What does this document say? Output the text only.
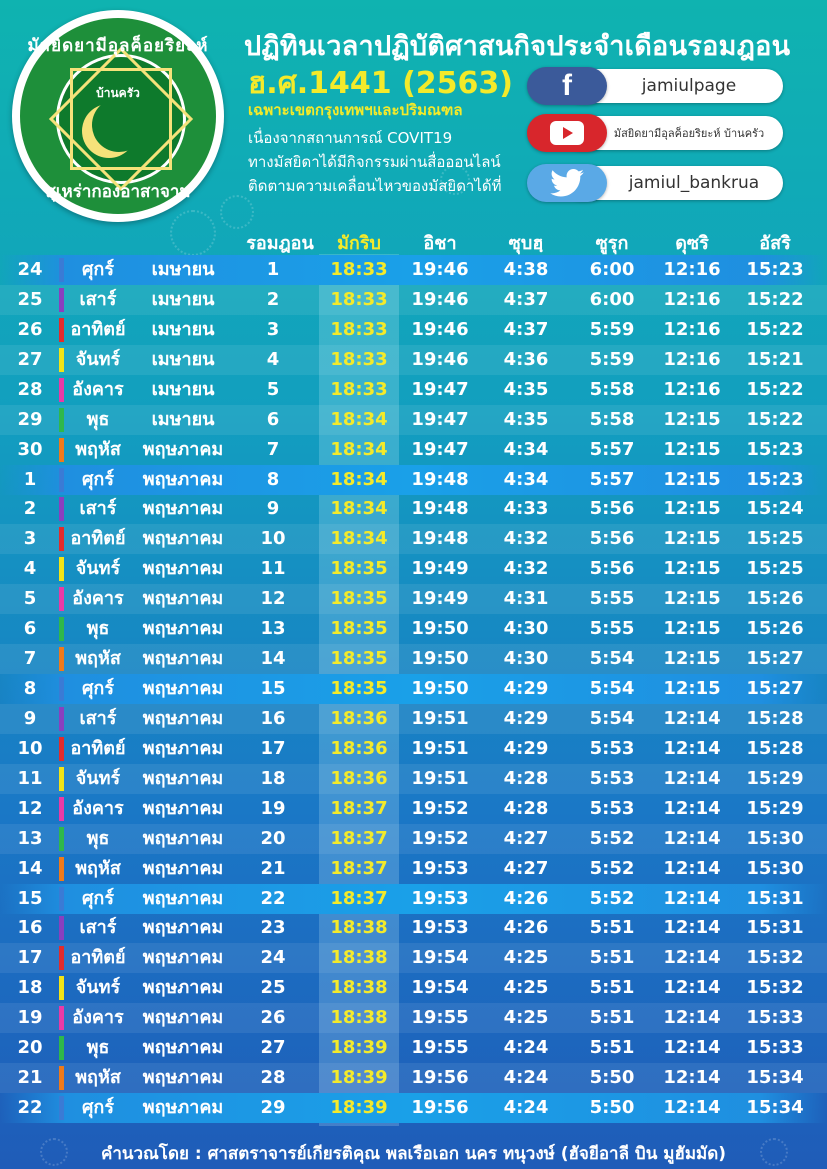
มัสยิดยามีอุลค็อยริยะห์
บ้านครัว
สุเหร่ากองอาสาจาม
ปฏิทินเวลาปฏิบัติศาสนกิจประจำเดือนรอมฎอน
ฮ.ศ.1441 (2563)
เฉพาะเขตกรุงเทพฯและปริมณฑล
เนื่องจากสถานการณ์ COVIT19
ทางมัสยิดาได้มีกิจกรรมผ่านสื่อออนไลน์
ติดตามความเคลื่อนไหวของมัสยิดาได้ที่
f	jamiulpage
มัสยิดยามีอุลค็อยริยะห์ บ้านครัว
jamiul_bankrua
รอมฎอน	มักริบ	อิชา	ซุบฮฺ	ซูรุก	ดุซริ	อัสริ
24	ศุกร์	เมษายน	1	18:33	19:46	4:38	6:00	12:16	15:23
25	เสาร์	เมษายน	2	18:33	19:46	4:37	6:00	12:16	15:22
26	อาทิตย์	เมษายน	3	18:33	19:46	4:37	5:59	12:16	15:22
27	จันทร์	เมษายน	4	18:33	19:46	4:36	5:59	12:16	15:21
28	อังคาร	เมษายน	5	18:33	19:47	4:35	5:58	12:16	15:22
29	พุธ	เมษายน	6	18:34	19:47	4:35	5:58	12:15	15:22
30	พฤหัส	พฤษภาคม	7	18:34	19:47	4:34	5:57	12:15	15:23
1	ศุกร์	พฤษภาคม	8	18:34	19:48	4:34	5:57	12:15	15:23
2	เสาร์	พฤษภาคม	9	18:34	19:48	4:33	5:56	12:15	15:24
3	อาทิตย์ พฤษภาคม	10	18:34	19:48	4:32	5:56	12:15	15:25
4	จันทร์	พฤษภาคม	11	18:35	19:49	4:32	5:56	12:15	15:25
5	อังคาร	พฤษภาคม	12	18:35	19:49	4:31	5:55	12:15	15:26
6	พุธ	พฤษภาคม	13	18:35	19:50	4:30	5:55	12:15	15:26
7	พฤหัส	พฤษภาคม	14	18:35	19:50	4:30	5:54	12:15	15:27
8	ศุกร์	พฤษภาคม	15	18:35	19:50	4:29	5:54	12:15	15:27
9	เสาร์	พฤษภาคม	16	18:36	19:51	4:29	5:54	12:14	15:28
10	อาทิตย์ พฤษภาคม	17	18:36	19:51	4:29	5:53	12:14	15:28
11	จันทร์	พฤษภาคม	18	18:36	19:51	4:28	5:53	12:14	15:29
12	อังคาร	พฤษภาคม	19	18:37	19:52	4:28	5:53	12:14	15:29
13	พุธ	พฤษภาคม	20	18:37	19:52	4:27	5:52	12:14	15:30
14	พฤหัส	พฤษภาคม	21	18:37	19:53	4:27	5:52	12:14	15:30
15	ศุกร์	พฤษภาคม	22	18:37	19:53	4:26	5:52	12:14	15:31
16	เสาร์	พฤษภาคม	23	18:38	19:53	4:26	5:51	12:14	15:31
17	อาทิตย์ พฤษภาคม	24	18:38	19:54	4:25	5:51	12:14	15:32
18	จันทร์	พฤษภาคม	25	18:38	19:54	4:25	5:51	12:14	15:32
19	อังคาร	พฤษภาคม	26	18:38	19:55	4:25	5:51	12:14	15:33
20	พุธ	พฤษภาคม	27	18:39	19:55	4:24	5:51	12:14	15:33
21	พฤหัส	พฤษภาคม	28	18:39	19:56	4:24	5:50	12:14	15:34
22	ศุกร์	พฤษภาคม	29	18:39	19:56	4:24	5:50	12:14	15:34
คำนวณโดย : ศาสตราจารย์เกียรติคุณ พลเรือเอก นคร ทนุวงษ์ (ฮัจยีอาลี บิน มูฮัมมัด)
